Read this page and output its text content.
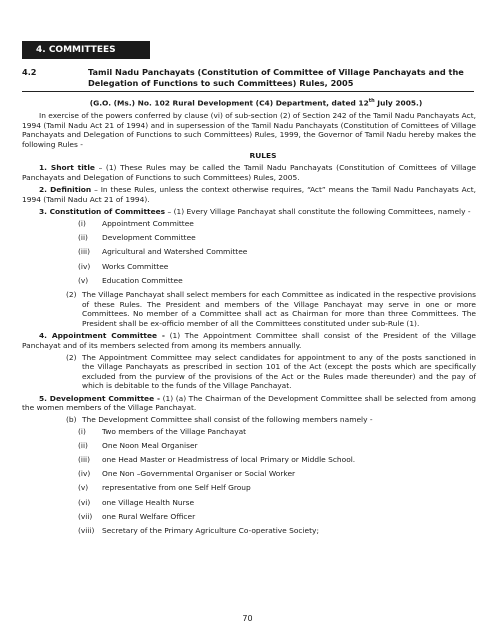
4. COMMITTEES
4.2	Tamil Nadu Panchayats (Constitution of Committee of Village Panchayats and the Delegation of Functions to such Committees) Rules, 2005

(G.O. (Ms.) No. 102 Rural Development (C4) Department, dated 12th July 2005.)

In exercise of the powers conferred by clause (vi) of sub-section (2) of Section 242 of the Tamil Nadu Panchayats Act, 1994 (Tamil Nadu Act 21 of 1994) and in supersession of the Tamil Nadu Panchayats (Constitution of Comittees of Village Panchayats and Delegation of Functions to such Committees) Rules, 1999, the Governor of Tamil Nadu hereby makes the following Rules -

RULES

1. Short title – (1) These Rules may be called the Tamil Nadu Panchayats (Constitution of Comittees of Village Panchayats and Delegation of Functions to such Committees) Rules, 2005.

2. Definition – In these Rules, unless the context otherwise requires, “Act” means the Tamil Nadu Panchayats Act, 1994 (Tamil Nadu Act 21 of 1994).

3. Constitution of Committees – (1) Every Village Panchayat shall constitute the following Committees, namely -

(i) Appointment Committee
(ii) Development Committee
(iii) Agricultural and Watershed Committee
(iv) Works Committee
(v) Education Committee

(2) The Village Panchayat shall select members for each Committee as indicated in the respective provisions of these Rules. The President and members of the Village Panchayat may serve in one or more Committees. No member of a Committee shall act as Chairman for more than three Committees. The President shall be ex-officio member of all the Committees constituted under sub-Rule (1).

4. Appointment Committee - (1) The Appointment Committee shall consist of the President of the Village Panchayat and of its members selected from among its members annually.

(2) The Appointment Committee may select candidates for appointment to any of the posts sanctioned in the Village Panchayats as prescribed in section 101 of the Act (except the posts which are specifically excluded from the purview of the provisions of the Act or the Rules made thereunder) and the pay of which is debitable to the funds of the Village Panchayat.

5. Development Committee - (1) (a) The Chairman of the Development Committee shall be selected from among the women members of the Village Panchayat.

(b) The Development Committee shall consist of the following members namely -

(i) Two members of the Village Panchayat
(ii) One Noon Meal Organiser
(iii) one Head Master or Headmistress of local Primary or Middle School.
(iv) One Non –Governmental Organiser or Social Worker
(v) representative from one Self Helf Group
(vi) one Village Health Nurse
(vii) one Rural Welfare Officer
(viii) Secretary of the Primary Agriculture Co-operative Society;
70
